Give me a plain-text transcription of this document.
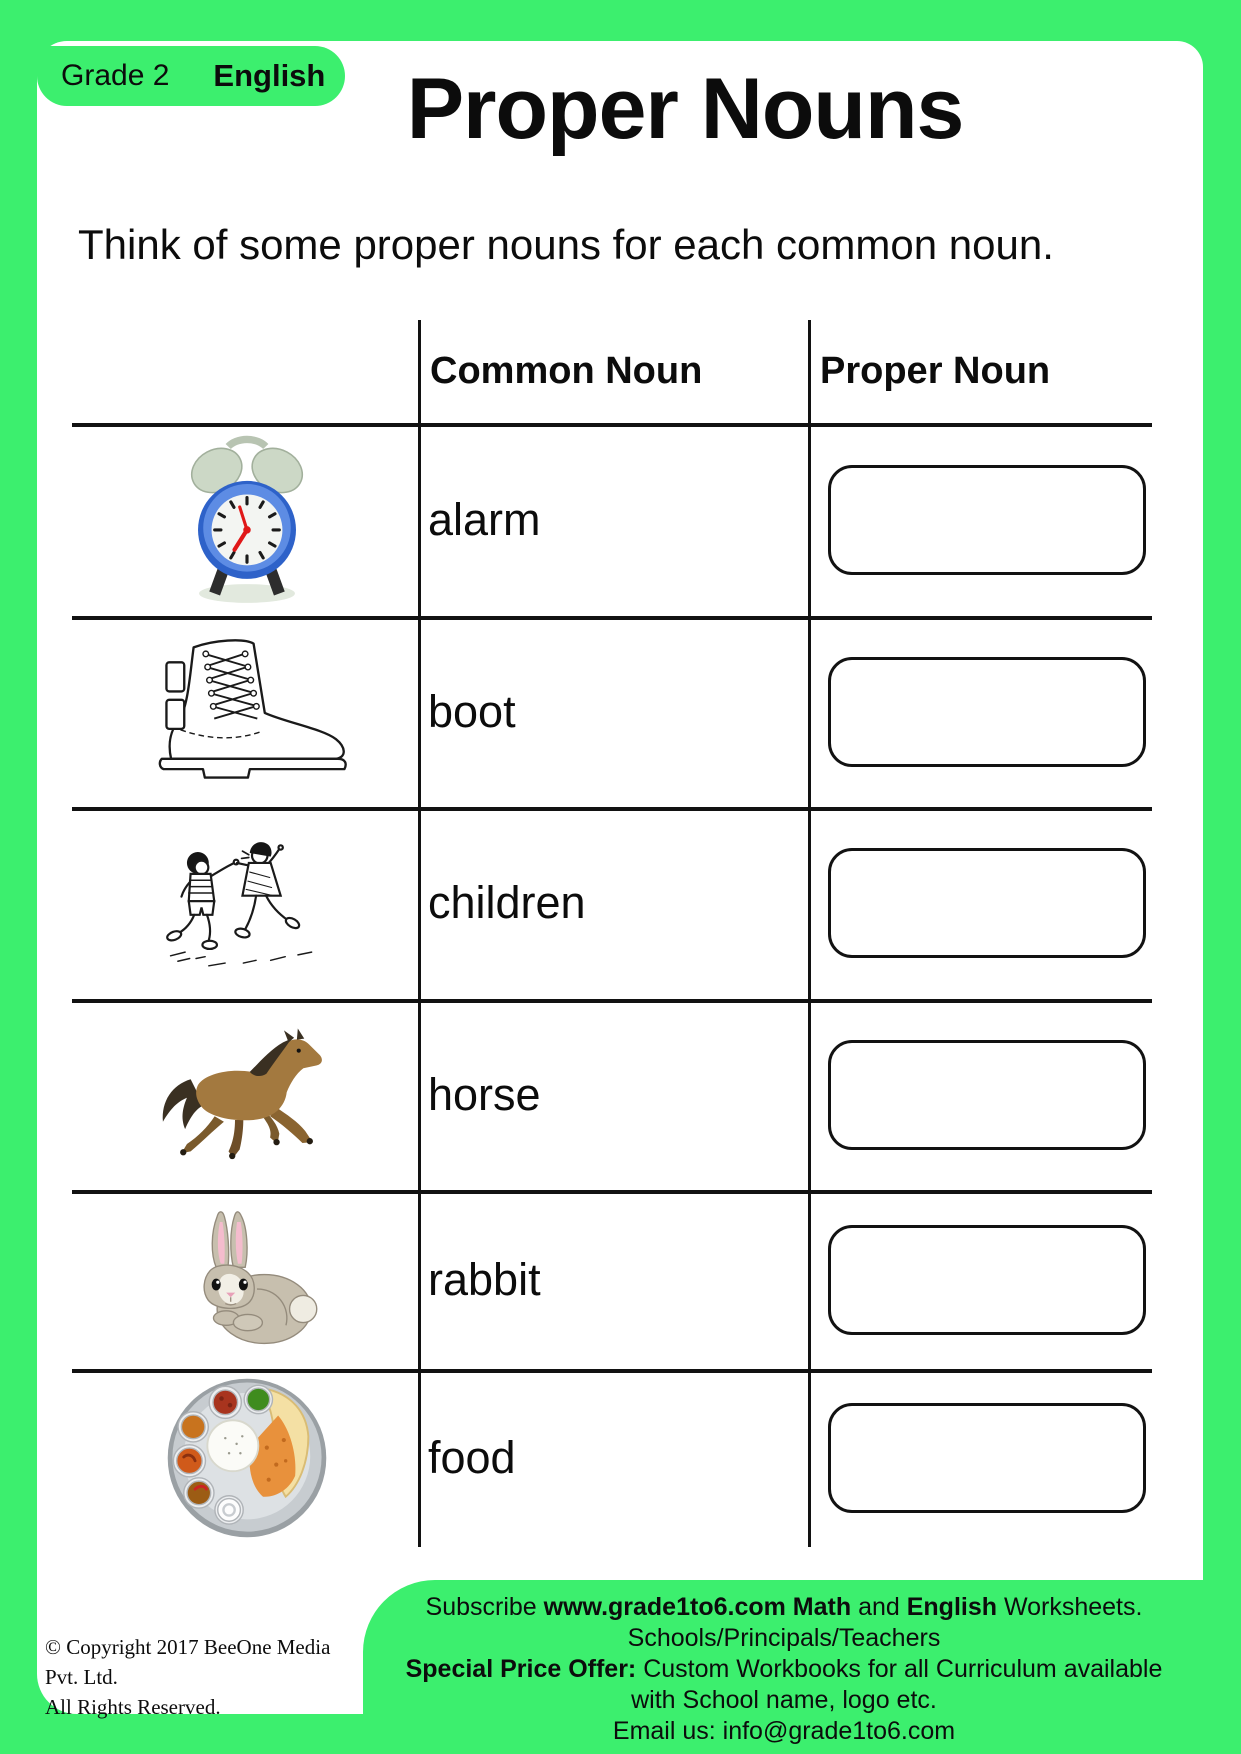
Grade 2 English Proper Nouns
Think of some proper nouns for each common noun.
Common Noun	Proper Noun
alarm
boot
children
horse
rabbit
food
Subscribe www.grade1to6.com Math and English Worksheets.
Schools/Principals/Teachers
Special Price Offer: Custom Workbooks for all Curriculum available
with School name, logo etc.
Email us: info@grade1to6.com
© Copyright 2017 BeeOne Media Pvt. Ltd.
All Rights Reserved.
